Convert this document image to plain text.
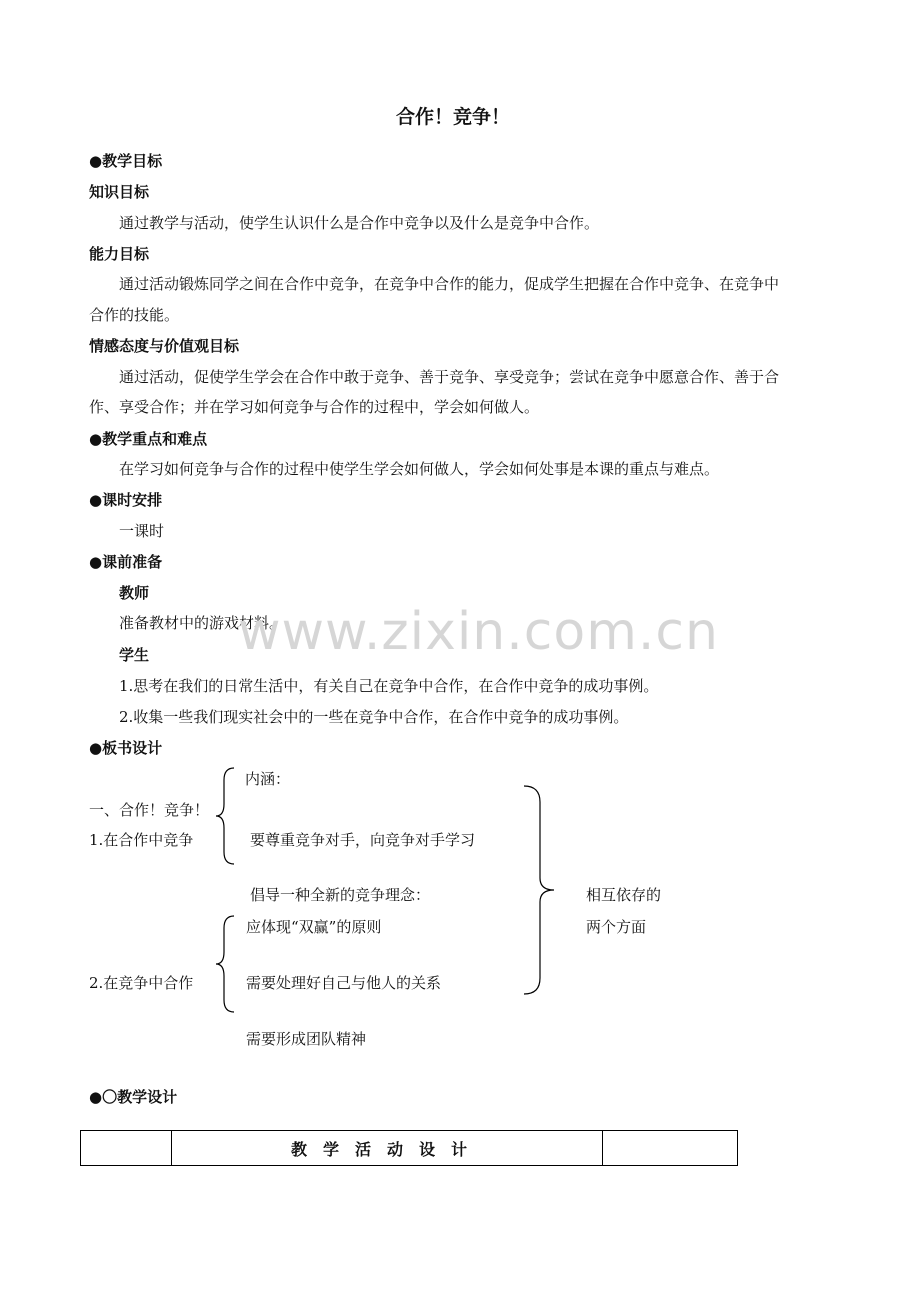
合作！竞争！
●教学目标
知识目标
通过教学与活动，使学生认识什么是合作中竞争以及什么是竞争中合作。
能力目标
通过活动锻炼同学之间在合作中竞争，在竞争中合作的能力，促成学生把握在合作中竞争、在竞争中
合作的技能。
情感态度与价值观目标
通过活动，促使学生学会在合作中敢于竞争、善于竞争、享受竞争；尝试在竞争中愿意合作、善于合
作、享受合作；并在学习如何竞争与合作的过程中，学会如何做人。
●教学重点和难点
在学习如何竞争与合作的过程中使学生学会如何做人，学会如何处事是本课的重点与难点。
●课时安排
一课时
●课前准备
教师
准备教材中的游戏材料。
www.zixin.com.cn
学生
1.思考在我们的日常生活中，有关自己在竞争中合作，在合作中竞争的成功事例。
2.收集一些我们现实社会中的一些在竞争中合作，在合作中竞争的成功事例。
●板书设计
内涵：
一、合作！竞争！
1.在合作中竞争	要尊重竞争对手，向竞争对手学习
倡导一种全新的竞争理念：	相互依存的
应体现“双赢”的原则	两个方面
2.在竞争中合作	需要处理好自己与他人的关系
需要形成团队精神
●〇教学设计
	教学活动设计	
